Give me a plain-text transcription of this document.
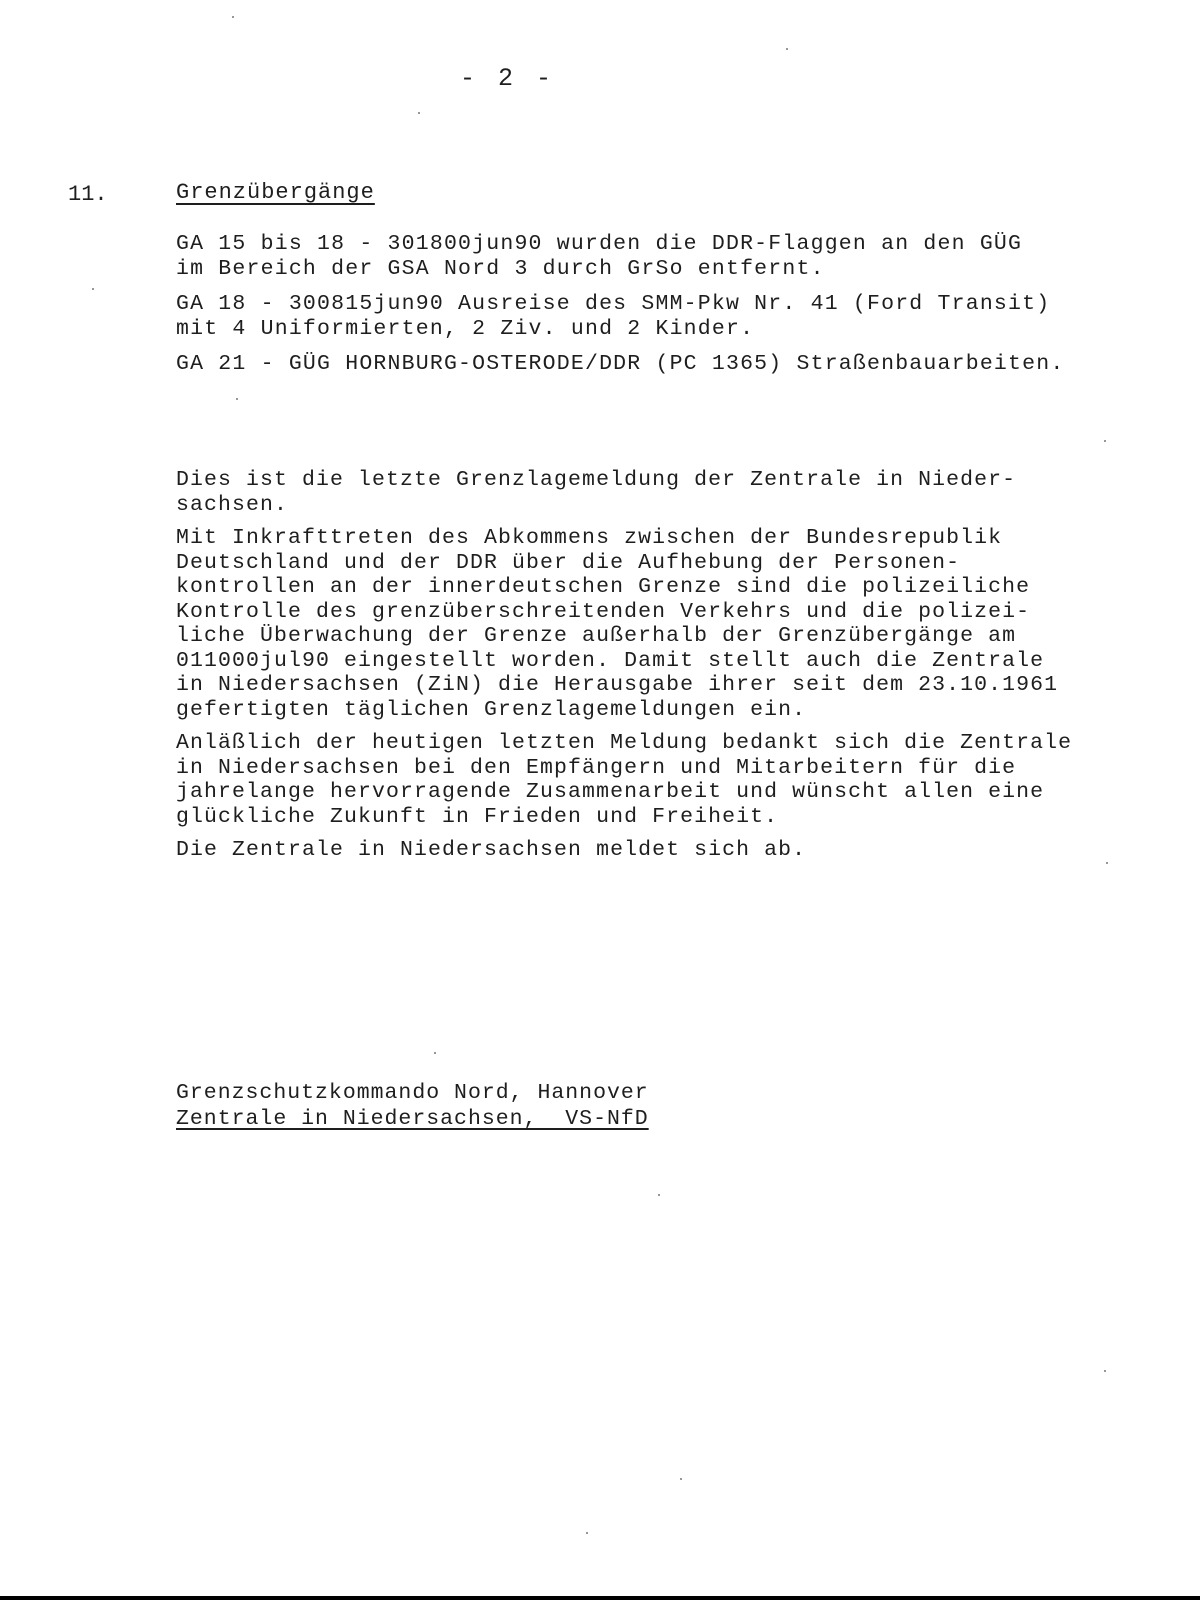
- 2 -
11.	Grenzübergänge

GA 15 bis 18 - 301800jun90 wurden die DDR-Flaggen an den GÜG
im Bereich der GSA Nord 3 durch GrSo entfernt.

GA 18 - 300815jun90 Ausreise des SMM-Pkw Nr. 41 (Ford Transit)
mit 4 Uniformierten, 2 Ziv. und 2 Kinder.

GA 21 - GÜG HORNBURG-OSTERODE/DDR (PC 1365) Straßenbauarbeiten.

Dies ist die letzte Grenzlagemeldung der Zentrale in Nieder-
sachsen.

Mit Inkrafttreten des Abkommens zwischen der Bundesrepublik
Deutschland und der DDR über die Aufhebung der Personen-
kontrollen an der innerdeutschen Grenze sind die polizeiliche
Kontrolle des grenzüberschreitenden Verkehrs und die polizei-
liche Überwachung der Grenze außerhalb der Grenzübergänge am
011000jul90 eingestellt worden. Damit stellt auch die Zentrale
in Niedersachsen (ZiN) die Herausgabe ihrer seit dem 23.10.1961
gefertigten täglichen Grenzlagemeldungen ein.

Anläßlich der heutigen letzten Meldung bedankt sich die Zentrale
in Niedersachsen bei den Empfängern und Mitarbeitern für die
jahrelange hervorragende Zusammenarbeit und wünscht allen eine
glückliche Zukunft in Frieden und Freiheit.

Die Zentrale in Niedersachsen meldet sich ab.

Grenzschutzkommando Nord, Hannover
Zentrale in Niedersachsen,  VS-NfD
